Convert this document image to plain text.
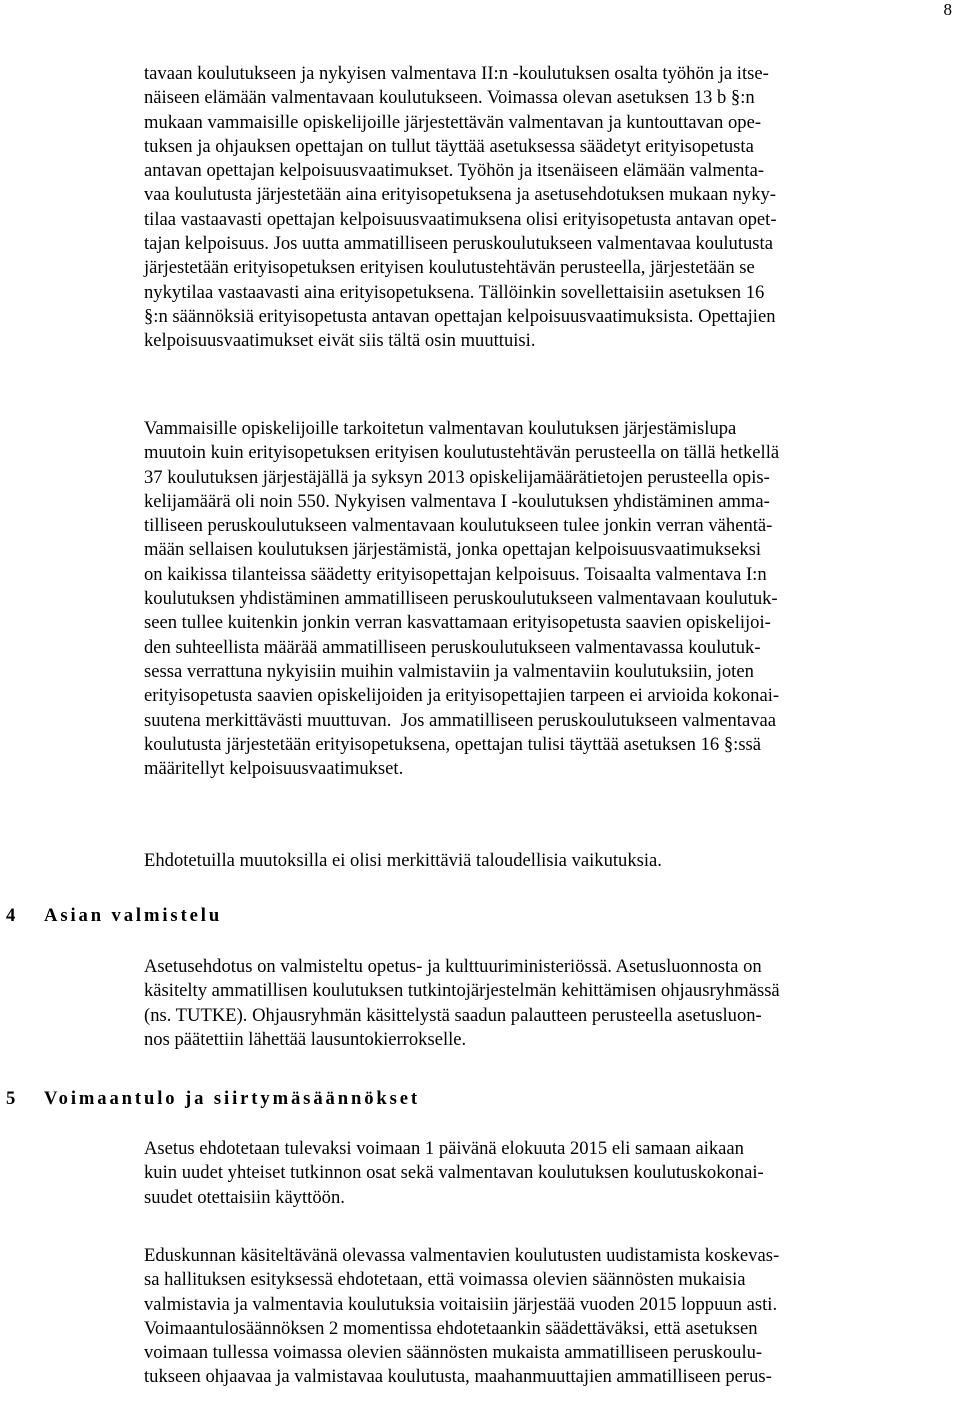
8
tavaan koulutukseen ja nykyisen valmentava II:n -koulutuksen osalta työhön ja itse-
näiseen elämään valmentavaan koulutukseen. Voimassa olevan asetuksen 13 b §:n
mukaan vammaisille opiskelijoille järjestettävän valmentavan ja kuntouttavan ope-
tuksen ja ohjauksen opettajan on tullut täyttää asetuksessa säädetyt erityisopetusta
antavan opettajan kelpoisuusvaatimukset. Työhön ja itsenäiseen elämään valmenta-
vaa koulutusta järjestetään aina erityisopetuksena ja asetusehdotuksen mukaan nyky-
tilaa vastaavasti opettajan kelpoisuusvaatimuksena olisi erityisopetusta antavan opet-
tajan kelpoisuus. Jos uutta ammatilliseen peruskoulutukseen valmentavaa koulutusta
järjestetään erityisopetuksen erityisen koulutustehtävän perusteella, järjestetään se
nykytilaa vastaavasti aina erityisopetuksena. Tällöinkin sovellettaisiin asetuksen 16
§:n säännöksiä erityisopetusta antavan opettajan kelpoisuusvaatimuksista. Opettajien
kelpoisuusvaatimukset eivät siis tältä osin muuttuisi.
Vammaisille opiskelijoille tarkoitetun valmentavan koulutuksen järjestämislupa
muutoin kuin erityisopetuksen erityisen koulutustehtävän perusteella on tällä hetkellä
37 koulutuksen järjestäjällä ja syksyn 2013 opiskelijamäärätietojen perusteella opis-
kelijamäärä oli noin 550. Nykyisen valmentava I -koulutuksen yhdistäminen amma-
tilliseen peruskoulutukseen valmentavaan koulutukseen tulee jonkin verran vähentä-
mään sellaisen koulutuksen järjestämistä, jonka opettajan kelpoisuusvaatimukseksi
on kaikissa tilanteissa säädetty erityisopettajan kelpoisuus. Toisaalta valmentava I:n
koulutuksen yhdistäminen ammatilliseen peruskoulutukseen valmentavaan koulutuk-
seen tullee kuitenkin jonkin verran kasvattamaan erityisopetusta saavien opiskelijoi-
den suhteellista määrää ammatilliseen peruskoulutukseen valmentavassa koulutuk-
sessa verrattuna nykyisiin muihin valmistaviin ja valmentaviin koulutuksiin, joten
erityisopetusta saavien opiskelijoiden ja erityisopettajien tarpeen ei arvioida kokonai-
suutena merkittävästi muuttuvan.  Jos ammatilliseen peruskoulutukseen valmentavaa
koulutusta järjestetään erityisopetuksena, opettajan tulisi täyttää asetuksen 16 §:ssä
määritellyt kelpoisuusvaatimukset.
Ehdotetuilla muutoksilla ei olisi merkittäviä taloudellisia vaikutuksia.
4 Asian valmistelu
Asetusehdotus on valmisteltu opetus- ja kulttuuriministeriössä. Asetusluonnosta on
käsitelty ammatillisen koulutuksen tutkintojärjestelmän kehittämisen ohjausryhmässä
(ns. TUTKE). Ohjausryhmän käsittelystä saadun palautteen perusteella asetusluon-
nos päätettiin lähettää lausuntokierrokselle.
5 Voimaantulo ja siirtymäsäännökset
Asetus ehdotetaan tulevaksi voimaan 1 päivänä elokuuta 2015 eli samaan aikaan
kuin uudet yhteiset tutkinnon osat sekä valmentavan koulutuksen koulutuskokonai-
suudet otettaisiin käyttöön.
Eduskunnan käsiteltävänä olevassa valmentavien koulutusten uudistamista koskevas-
sa hallituksen esityksessä ehdotetaan, että voimassa olevien säännösten mukaisia
valmistavia ja valmentavia koulutuksia voitaisiin järjestää vuoden 2015 loppuun asti.
Voimaantulosäännöksen 2 momentissa ehdotetaankin säädettäväksi, että asetuksen
voimaan tullessa voimassa olevien säännösten mukaista ammatilliseen peruskoulu-
tukseen ohjaavaa ja valmistavaa koulutusta, maahanmuuttajien ammatilliseen perus-
